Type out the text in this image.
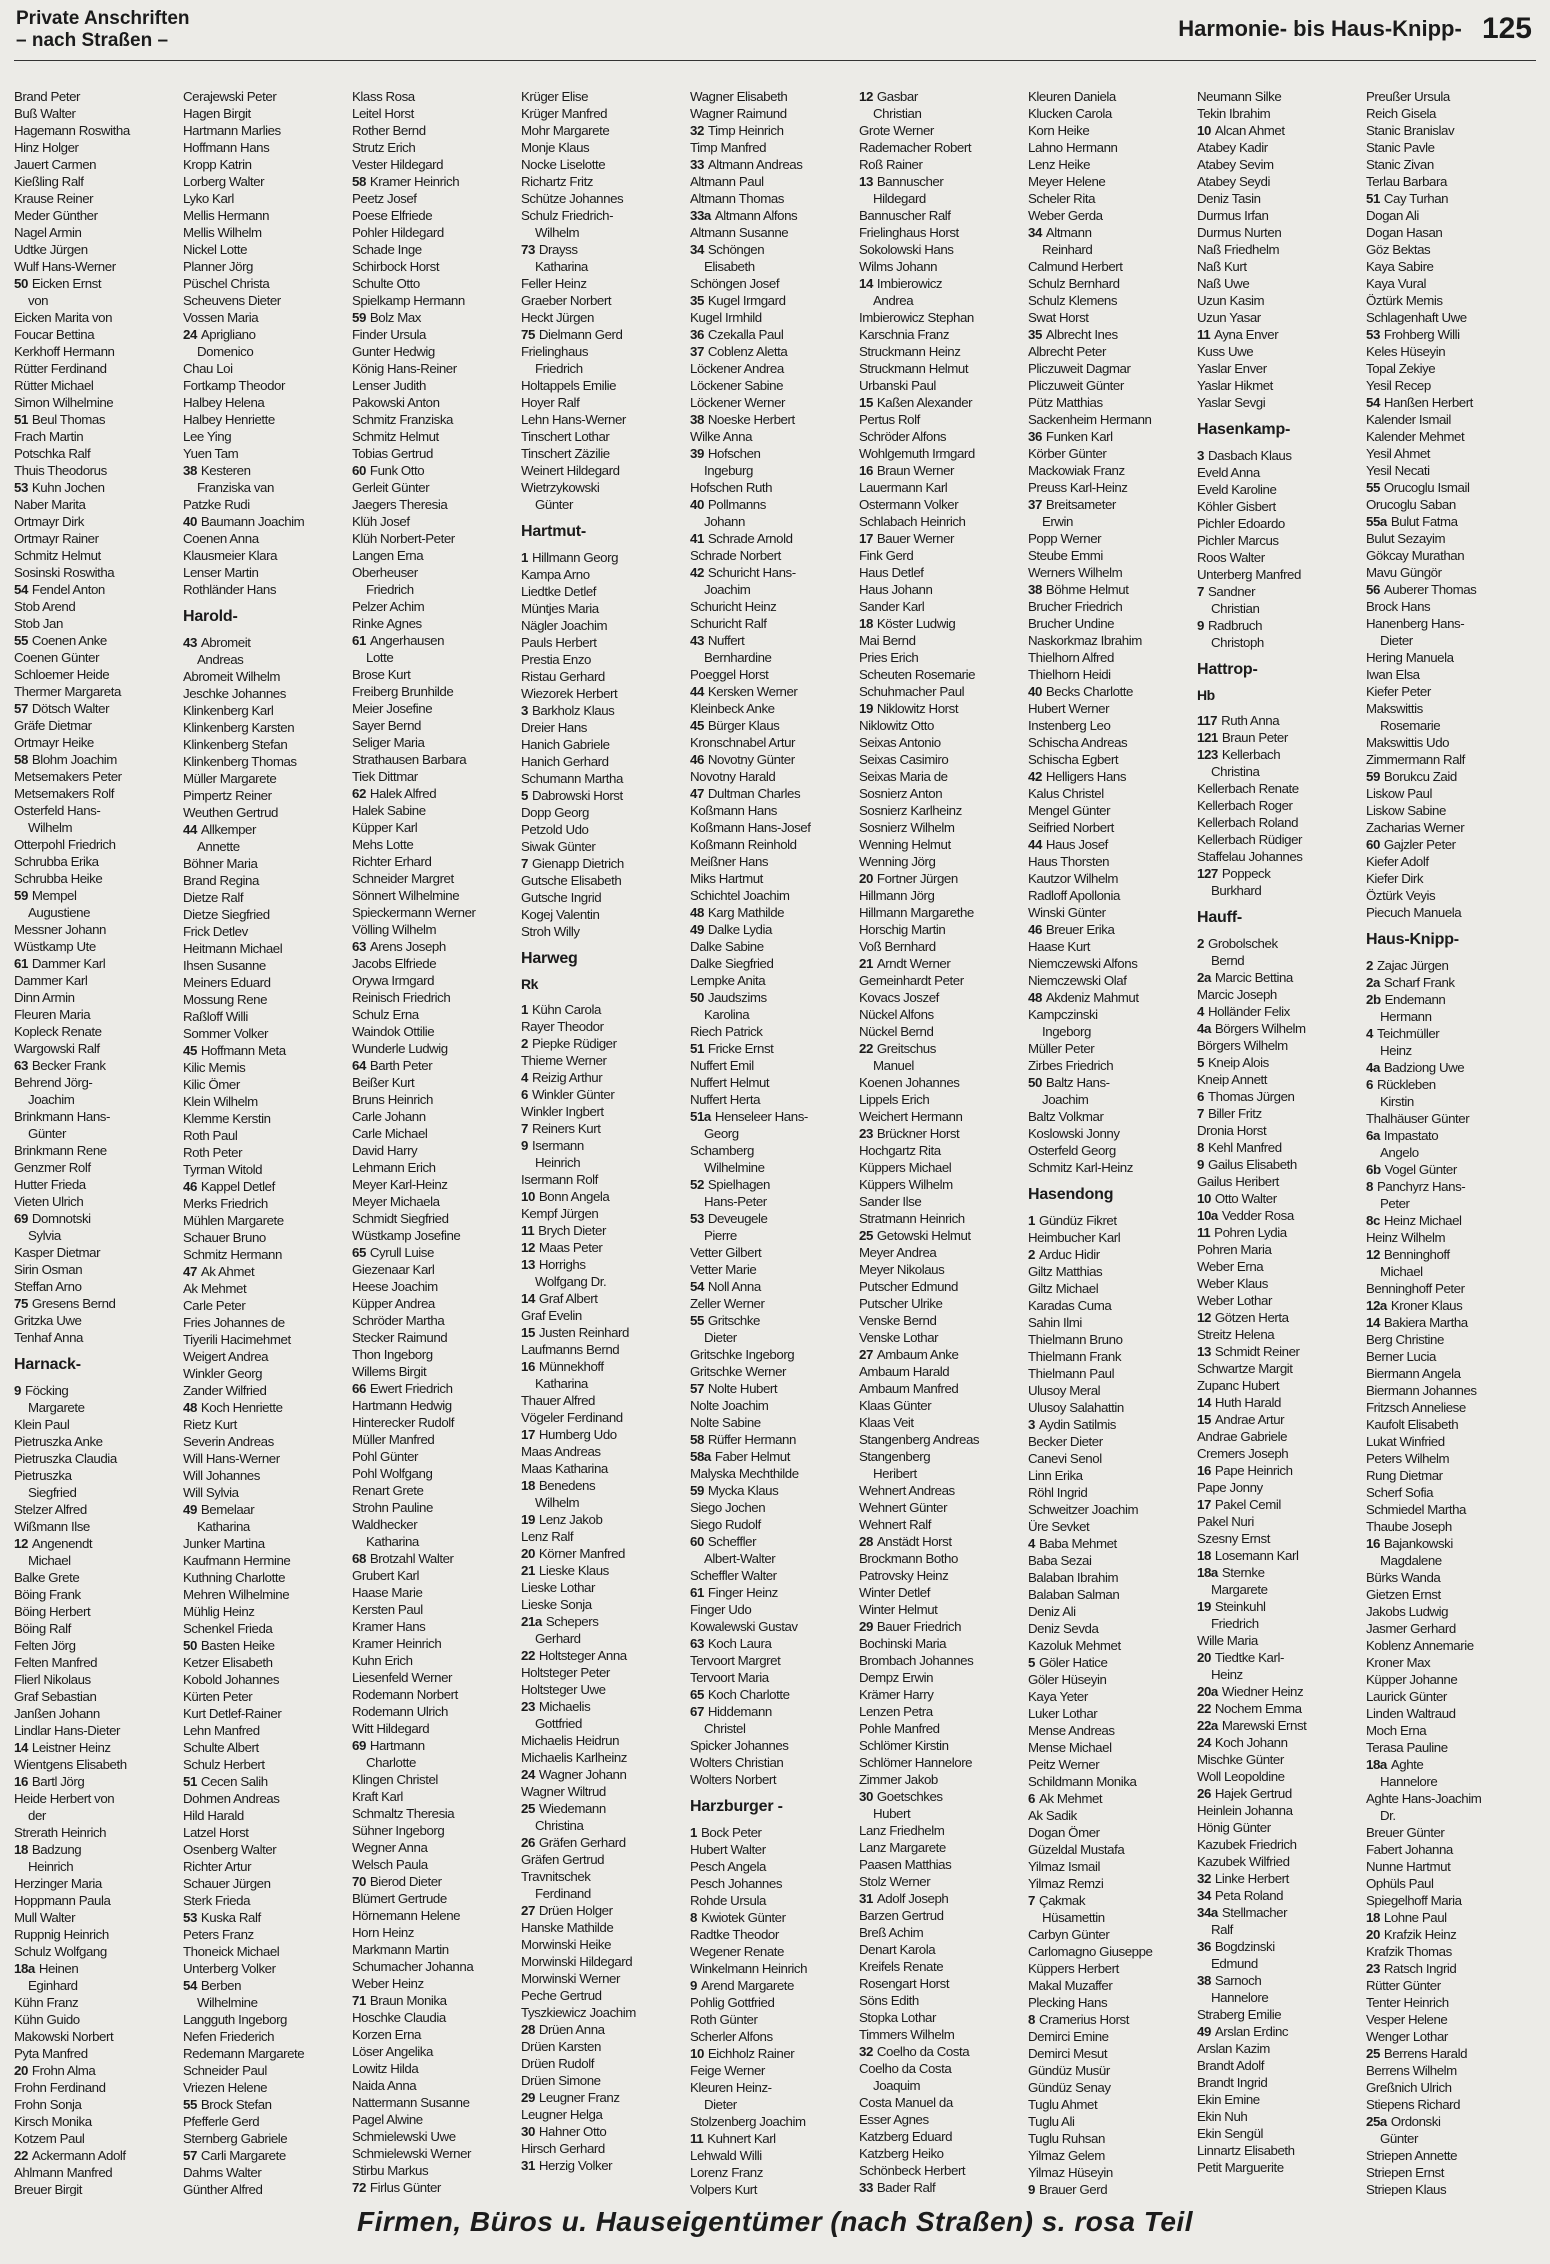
Private Anschriften
– nach Straßen –	Harmonie- bis Haus-Knipp- 125
Brand Peter
Buß Walter
Hagemann Roswitha
Hinz Holger
Jauert Carmen
Kießling Ralf
Krause Reiner
Meder Günther
Nagel Armin
Udtke Jürgen
Wulf Hans-Werner
50 Eicken Ernst
von
Eicken Marita von
Foucar Bettina
Kerkhoff Hermann
Rütter Ferdinand
Rütter Michael
Simon Wilhelmine
51 Beul Thomas
Frach Martin
Potschka Ralf
Thuis Theodorus
53 Kuhn Jochen
Naber Marita
Ortmayr Dirk
Ortmayr Rainer
Schmitz Helmut
Sosinski Roswitha
54 Fendel Anton
Stob Arend
Stob Jan
55 Coenen Anke
Coenen Günter
Schloemer Heide
Thermer Margareta
57 Dötsch Walter
Gräfe Dietmar
Ortmayr Heike
58 Blohm Joachim
Metsemakers Peter
Metsemakers Rolf
Osterfeld Hans-
Wilhelm
Otterpohl Friedrich
Schrubba Erika
Schrubba Heike
59 Mempel
Augustiene
Messner Johann
Wüstkamp Ute
61 Dammer Karl
Dammer Karl
Dinn Armin
Fleuren Maria
Kopleck Renate
Wargowski Ralf
63 Becker Frank
Behrend Jörg-
Joachim
Brinkmann Hans-
Günter
Brinkmann Rene
Genzmer Rolf
Hutter Frieda
Vieten Ulrich
69 Domnotski
Sylvia
Kasper Dietmar
Sirin Osman
Steffan Arno
75 Gresens Bernd
Gritzka Uwe
Tenhaf Anna
Harnack-
9 Föcking
Margarete
Klein Paul
Pietruszka Anke
Pietruszka Claudia
Pietruszka
Siegfried
Stelzer Alfred
Wißmann Ilse
12 Angenendt
Michael
Balke Grete
Böing Frank
Böing Herbert
Böing Ralf
Felten Jörg
Felten Manfred
Flierl Nikolaus
Graf Sebastian
Janßen Johann
Lindlar Hans-Dieter
14 Leistner Heinz
Wientgens Elisabeth
16 Bartl Jörg
Heide Herbert von
der
Strerath Heinrich
18 Badzung
Heinrich
Herzinger Maria
Hoppmann Paula
Mull Walter
Ruppnig Heinrich
Schulz Wolfgang
18a Heinen
Eginhard
Kühn Franz
Kühn Guido
Makowski Norbert
Pyta Manfred
20 Frohn Alma
Frohn Ferdinand
Frohn Sonja
Kirsch Monika
Kotzem Paul
22 Ackermann Adolf
Ahlmann Manfred
Breuer Birgit
Cerajewski Peter
Hagen Birgit
Hartmann Marlies
Hoffmann Hans
Kropp Katrin
Lorberg Walter
Lyko Karl
Mellis Hermann
Mellis Wilhelm
Nickel Lotte
Planner Jörg
Püschel Christa
Scheuvens Dieter
Vossen Maria
24 Aprigliano
Domenico
Chau Loi
Fortkamp Theodor
Halbey Helena
Halbey Henriette
Lee Ying
Yuen Tam
38 Kesteren
Franziska van
Patzke Rudi
40 Baumann Joachim
Coenen Anna
Klausmeier Klara
Lenser Martin
Rothländer Hans
Harold-
43 Abromeit
Andreas
Abromeit Wilhelm
Jeschke Johannes
Klinkenberg Karl
Klinkenberg Karsten
Klinkenberg Stefan
Klinkenberg Thomas
Müller Margarete
Pimpertz Reiner
Weuthen Gertrud
44 Allkemper
Annette
Böhner Maria
Brand Regina
Dietze Ralf
Dietze Siegfried
Frick Detlev
Heitmann Michael
Ihsen Susanne
Meiners Eduard
Mossung Rene
Raßloff Willi
Sommer Volker
45 Hoffmann Meta
Kilic Memis
Kilic Ömer
Klein Wilhelm
Klemme Kerstin
Roth Paul
Roth Peter
Tyrman Witold
46 Kappel Detlef
Merks Friedrich
Mühlen Margarete
Schauer Bruno
Schmitz Hermann
47 Ak Ahmet
Ak Mehmet
Carle Peter
Fries Johannes de
Tiyerili Hacimehmet
Weigert Andrea
Winkler Georg
Zander Wilfried
48 Koch Henriette
Rietz Kurt
Severin Andreas
Will Hans-Werner
Will Johannes
Will Sylvia
49 Bemelaar
Katharina
Junker Martina
Kaufmann Hermine
Kuthning Charlotte
Mehren Wilhelmine
Mühlig Heinz
Schenkel Frieda
50 Basten Heike
Ketzer Elisabeth
Kobold Johannes
Kürten Peter
Kurt Detlef-Rainer
Lehn Manfred
Schulte Albert
Schulz Herbert
51 Cecen Salih
Dohmen Andreas
Hild Harald
Latzel Horst
Osenberg Walter
Richter Artur
Schauer Jürgen
Sterk Frieda
53 Kuska Ralf
Peters Franz
Thoneick Michael
Unterberg Volker
54 Berben
Wilhelmine
Langguth Ingeborg
Nefen Friederich
Redemann Margarete
Schneider Paul
Vriezen Helene
55 Brock Stefan
Pfefferle Gerd
Sternberg Gabriele
57 Carli Margarete
Dahms Walter
Günther Alfred
Klass Rosa
Leitel Horst
Rother Bernd
Strutz Erich
Vester Hildegard
58 Kramer Heinrich
Peetz Josef
Poese Elfriede
Pohler Hildegard
Schade Inge
Schirbock Horst
Schulte Otto
Spielkamp Hermann
59 Bolz Max
Finder Ursula
Gunter Hedwig
König Hans-Reiner
Lenser Judith
Pakowski Anton
Schmitz Franziska
Schmitz Helmut
Tobias Gertrud
60 Funk Otto
Gerleit Günter
Jaegers Theresia
Klüh Josef
Klüh Norbert-Peter
Langen Erna
Oberheuser
Friedrich
Pelzer Achim
Rinke Agnes
61 Angerhausen
Lotte
Brose Kurt
Freiberg Brunhilde
Meier Josefine
Sayer Bernd
Seliger Maria
Strathausen Barbara
Tiek Dittmar
62 Halek Alfred
Halek Sabine
Küpper Karl
Mehs Lotte
Richter Erhard
Schneider Margret
Sönnert Wilhelmine
Spieckermann Werner
Völling Wilhelm
63 Arens Joseph
Jacobs Elfriede
Orywa Irmgard
Reinisch Friedrich
Schulz Erna
Waindok Ottilie
Wunderle Ludwig
64 Barth Peter
Beißer Kurt
Bruns Heinrich
Carle Johann
Carle Michael
David Harry
Lehmann Erich
Meyer Karl-Heinz
Meyer Michaela
Schmidt Siegfried
Wüstkamp Josefine
65 Cyrull Luise
Giezenaar Karl
Heese Joachim
Küpper Andrea
Schröder Martha
Stecker Raimund
Thon Ingeborg
Willems Birgit
66 Ewert Friedrich
Hartmann Hedwig
Hinterecker Rudolf
Müller Manfred
Pohl Günter
Pohl Wolfgang
Renart Grete
Strohn Pauline
Waldhecker
Katharina
68 Brotzahl Walter
Grubert Karl
Haase Marie
Kersten Paul
Kramer Hans
Kramer Heinrich
Kuhn Erich
Liesenfeld Werner
Rodemann Norbert
Rodemann Ulrich
Witt Hildegard
69 Hartmann
Charlotte
Klingen Christel
Kraft Karl
Schmaltz Theresia
Sühner Ingeborg
Wegner Anna
Welsch Paula
70 Bierod Dieter
Blümert Gertrude
Hörnemann Helene
Horn Heinz
Markmann Martin
Schumacher Johanna
Weber Heinz
71 Braun Monika
Hoschke Claudia
Korzen Erna
Löser Angelika
Lowitz Hilda
Naida Anna
Nattermann Susanne
Pagel Alwine
Schmielewski Uwe
Schmielewski Werner
Stirbu Markus
72 Firlus Günter
Krüger Elise
Krüger Manfred
Mohr Margarete
Monje Klaus
Nocke Liselotte
Richartz Fritz
Schütze Johannes
Schulz Friedrich-
Wilhelm
73 Drayss
Katharina
Feller Heinz
Graeber Norbert
Heckt Jürgen
75 Dielmann Gerd
Frielinghaus
Friedrich
Holtappels Emilie
Hoyer Ralf
Lehn Hans-Werner
Tinschert Lothar
Tinschert Zäzilie
Weinert Hildegard
Wietrzykowski
Günter
Hartmut-
1 Hillmann Georg
Kampa Arno
Liedtke Detlef
Müntjes Maria
Nägler Joachim
Pauls Herbert
Prestia Enzo
Ristau Gerhard
Wiezorek Herbert
3 Barkholz Klaus
Dreier Hans
Hanich Gabriele
Hanich Gerhard
Schumann Martha
5 Dabrowski Horst
Dopp Georg
Petzold Udo
Siwak Günter
7 Gienapp Dietrich
Gutsche Elisabeth
Gutsche Ingrid
Kogej Valentin
Stroh Willy
Harweg
Rk
1 Kühn Carola
Rayer Theodor
2 Piepke Rüdiger
Thieme Werner
4 Reizig Arthur
6 Winkler Günter
Winkler Ingbert
7 Reiners Kurt
9 Isermann
Heinrich
Isermann Rolf
10 Bonn Angela
Kempf Jürgen
11 Brych Dieter
12 Maas Peter
13 Horrighs
Wolfgang Dr.
14 Graf Albert
Graf Evelin
15 Justen Reinhard
Laufmanns Bernd
16 Münnekhoff
Katharina
Thauer Alfred
Vögeler Ferdinand
17 Humberg Udo
Maas Andreas
Maas Katharina
18 Benedens
Wilhelm
19 Lenz Jakob
Lenz Ralf
20 Körner Manfred
21 Lieske Klaus
Lieske Lothar
Lieske Sonja
21a Schepers
Gerhard
22 Holtsteger Anna
Holtsteger Peter
Holtsteger Uwe
23 Michaelis
Gottfried
Michaelis Heidrun
Michaelis Karlheinz
24 Wagner Johann
Wagner Wiltrud
25 Wiedemann
Christina
26 Gräfen Gerhard
Gräfen Gertrud
Travnitschek
Ferdinand
27 Drüen Holger
Hanske Mathilde
Morwinski Heike
Morwinski Hildegard
Morwinski Werner
Peche Gertrud
Tyszkiewicz Joachim
28 Drüen Anna
Drüen Karsten
Drüen Rudolf
Drüen Simone
29 Leugner Franz
Leugner Helga
30 Hahner Otto
Hirsch Gerhard
31 Herzig Volker
Wagner Elisabeth
Wagner Raimund
32 Timp Heinrich
Timp Manfred
33 Altmann Andreas
Altmann Paul
Altmann Thomas
33a Altmann Alfons
Altmann Susanne
34 Schöngen
Elisabeth
Schöngen Josef
35 Kugel Irmgard
Kugel Irmhild
36 Czekalla Paul
37 Coblenz Aletta
Löckener Andrea
Löckener Sabine
Löckener Werner
38 Noeske Herbert
Wilke Anna
39 Hofschen
Ingeburg
Hofschen Ruth
40 Pollmanns
Johann
41 Schrade Arnold
Schrade Norbert
42 Schuricht Hans-
Joachim
Schuricht Heinz
Schuricht Ralf
43 Nuffert
Bernhardine
Poeggel Horst
44 Kersken Werner
Kleinbeck Anke
45 Bürger Klaus
Kronschnabel Artur
46 Novotny Günter
Novotny Harald
47 Dultman Charles
Koßmann Hans
Koßmann Hans-Josef
Koßmann Reinhold
Meißner Hans
Miks Hartmut
Schichtel Joachim
48 Karg Mathilde
49 Dalke Lydia
Dalke Sabine
Dalke Siegfried
Lempke Anita
50 Jaudszims
Karolina
Riech Patrick
51 Fricke Ernst
Nuffert Emil
Nuffert Helmut
Nuffert Herta
51a Henseleer Hans-
Georg
Schamberg
Wilhelmine
52 Spielhagen
Hans-Peter
53 Deveugele
Pierre
Vetter Gilbert
Vetter Marie
54 Noll Anna
Zeller Werner
55 Gritschke
Dieter
Gritschke Ingeborg
Gritschke Werner
57 Nolte Hubert
Nolte Joachim
Nolte Sabine
58 Rüffer Hermann
58a Faber Helmut
Malyska Mechthilde
59 Mycka Klaus
Siego Jochen
Siego Rudolf
60 Scheffler
Albert-Walter
Scheffler Walter
61 Finger Heinz
Finger Udo
Kowalewski Gustav
63 Koch Laura
Tervoort Margret
Tervoort Maria
65 Koch Charlotte
67 Hiddemann
Christel
Spicker Johannes
Wolters Christian
Wolters Norbert
Harzburger -
1 Bock Peter
Hubert Walter
Pesch Angela
Pesch Johannes
Rohde Ursula
8 Kwiotek Günter
Radtke Theodor
Wegener Renate
Winkelmann Heinrich
9 Arend Margarete
Pohlig Gottfried
Roth Günter
Scherler Alfons
10 Eichholz Rainer
Feige Werner
Kleuren Heinz-
Dieter
Stolzenberg Joachim
11 Kuhnert Karl
Lehwald Willi
Lorenz Franz
Volpers Kurt
12 Gasbar
Christian
Grote Werner
Rademacher Robert
Roß Rainer
13 Bannuscher
Hildegard
Bannuscher Ralf
Frielinghaus Horst
Sokolowski Hans
Wilms Johann
14 Imbierowicz
Andrea
Imbierowicz Stephan
Karschnia Franz
Struckmann Heinz
Struckmann Helmut
Urbanski Paul
15 Kaßen Alexander
Pertus Rolf
Schröder Alfons
Wohlgemuth Irmgard
16 Braun Werner
Lauermann Karl
Ostermann Volker
Schlabach Heinrich
17 Bauer Werner
Fink Gerd
Haus Detlef
Haus Johann
Sander Karl
18 Köster Ludwig
Mai Bernd
Pries Erich
Scheuten Rosemarie
Schuhmacher Paul
19 Niklowitz Horst
Niklowitz Otto
Seixas Antonio
Seixas Casimiro
Seixas Maria de
Sosnierz Anton
Sosnierz Karlheinz
Sosnierz Wilhelm
Wenning Helmut
Wenning Jörg
20 Fortner Jürgen
Hillmann Jörg
Hillmann Margarethe
Horschig Martin
Voß Bernhard
21 Arndt Werner
Gemeinhardt Peter
Kovacs Joszef
Nückel Alfons
Nückel Bernd
22 Greitschus
Manuel
Koenen Johannes
Lippels Erich
Weichert Hermann
23 Brückner Horst
Hochgartz Rita
Küppers Michael
Küppers Wilhelm
Sander Ilse
Stratmann Heinrich
25 Getowski Helmut
Meyer Andrea
Meyer Nikolaus
Putscher Edmund
Putscher Ulrike
Venske Bernd
Venske Lothar
27 Ambaum Anke
Ambaum Harald
Ambaum Manfred
Klaas Günter
Klaas Veit
Stangenberg Andreas
Stangenberg
Heribert
Wehnert Andreas
Wehnert Günter
Wehnert Ralf
28 Anstädt Horst
Brockmann Botho
Patrovsky Heinz
Winter Detlef
Winter Helmut
29 Bauer Friedrich
Bochinski Maria
Brombach Johannes
Dempz Erwin
Krämer Harry
Lenzen Petra
Pohle Manfred
Schlömer Kirstin
Schlömer Hannelore
Zimmer Jakob
30 Goetschkes
Hubert
Lanz Friedhelm
Lanz Margarete
Paasen Matthias
Stolz Werner
31 Adolf Joseph
Barzen Gertrud
Breß Achim
Denart Karola
Kreifels Renate
Rosengart Horst
Söns Edith
Stopka Lothar
Timmers Wilhelm
32 Coelho da Costa
Coelho da Costa
Joaquim
Costa Manuel da
Esser Agnes
Katzberg Eduard
Katzberg Heiko
Schönbeck Herbert
33 Bader Ralf
Kleuren Daniela
Klucken Carola
Korn Heike
Lahno Hermann
Lenz Heike
Meyer Helene
Scheler Rita
Weber Gerda
34 Altmann
Reinhard
Calmund Herbert
Schulz Bernhard
Schulz Klemens
Swat Horst
35 Albrecht Ines
Albrecht Peter
Pliczuweit Dagmar
Pliczuweit Günter
Pütz Matthias
Sackenheim Hermann
36 Funken Karl
Körber Günter
Mackowiak Franz
Preuss Karl-Heinz
37 Breitsameter
Erwin
Popp Werner
Steube Emmi
Werners Wilhelm
38 Böhme Helmut
Brucher Friedrich
Brucher Undine
Naskorkmaz Ibrahim
Thielhorn Alfred
Thielhorn Heidi
40 Becks Charlotte
Hubert Werner
Instenberg Leo
Schischa Andreas
Schischa Egbert
42 Helligers Hans
Kalus Christel
Mengel Günter
Seifried Norbert
44 Haus Josef
Haus Thorsten
Kautzor Wilhelm
Radloff Apollonia
Winski Günter
46 Breuer Erika
Haase Kurt
Niemczewski Alfons
Niemczewski Olaf
48 Akdeniz Mahmut
Kampczinski
Ingeborg
Müller Peter
Zirbes Friedrich
50 Baltz Hans-
Joachim
Baltz Volkmar
Koslowski Jonny
Osterfeld Georg
Schmitz Karl-Heinz
Hasendong
1 Gündüz Fikret
Heimbucher Karl
2 Arduc Hidir
Giltz Matthias
Giltz Michael
Karadas Cuma
Sahin Ilmi
Thielmann Bruno
Thielmann Frank
Thielmann Paul
Ulusoy Meral
Ulusoy Salahattin
3 Aydin Satilmis
Becker Dieter
Canevi Senol
Linn Erika
Röhl Ingrid
Schweitzer Joachim
Üre Sevket
4 Baba Mehmet
Baba Sezai
Balaban Ibrahim
Balaban Salman
Deniz Ali
Deniz Sevda
Kazoluk Mehmet
5 Göler Hatice
Göler Hüseyin
Kaya Yeter
Luker Lothar
Mense Andreas
Mense Michael
Peitz Werner
Schildmann Monika
6 Ak Mehmet
Ak Sadik
Dogan Ömer
Güzeldal Mustafa
Yilmaz Ismail
Yilmaz Remzi
7 Çakmak
Hüsamettin
Carbyn Günter
Carlomagno Giuseppe
Küppers Herbert
Makal Muzaffer
Plecking Hans
8 Cramerius Horst
Demirci Emine
Demirci Mesut
Gündüz Musür
Gündüz Senay
Tuglu Ahmet
Tuglu Ali
Tuglu Ruhsan
Yilmaz Gelem
Yilmaz Hüseyin
9 Brauer Gerd
Neumann Silke
Tekin Ibrahim
10 Alcan Ahmet
Atabey Kadir
Atabey Sevim
Atabey Seydi
Deniz Tasin
Durmus Irfan
Durmus Nurten
Naß Friedhelm
Naß Kurt
Naß Uwe
Uzun Kasim
Uzun Yasar
11 Ayna Enver
Kuss Uwe
Yaslar Enver
Yaslar Hikmet
Yaslar Sevgi
Hasenkamp-
3 Dasbach Klaus
Eveld Anna
Eveld Karoline
Köhler Gisbert
Pichler Edoardo
Pichler Marcus
Roos Walter
Unterberg Manfred
7 Sandner
Christian
9 Radbruch
Christoph
Hattrop-
Hb
117 Ruth Anna
121 Braun Peter
123 Kellerbach
Christina
Kellerbach Renate
Kellerbach Roger
Kellerbach Roland
Kellerbach Rüdiger
Staffelau Johannes
127 Poppeck
Burkhard
Hauff-
2 Grobolschek
Bernd
2a Marcic Bettina
Marcic Joseph
4 Holländer Felix
4a Börgers Wilhelm
Börgers Wilhelm
5 Kneip Alois
Kneip Annett
6 Thomas Jürgen
7 Biller Fritz
Dronia Horst
8 Kehl Manfred
9 Gailus Elisabeth
Gailus Heribert
10 Otto Walter
10a Vedder Rosa
11 Pohren Lydia
Pohren Maria
Weber Erna
Weber Klaus
Weber Lothar
12 Götzen Herta
Streitz Helena
13 Schmidt Reiner
Schwartze Margit
Zupanc Hubert
14 Huth Harald
15 Andrae Artur
Andrae Gabriele
Cremers Joseph
16 Pape Heinrich
Pape Jonny
17 Pakel Cemil
Pakel Nuri
Szesny Ernst
18 Losemann Karl
18a Sternke
Margarete
19 Steinkuhl
Friedrich
Wille Maria
20 Tiedtke Karl-
Heinz
20a Wiedner Heinz
22 Nochem Emma
22a Marewski Ernst
24 Koch Johann
Mischke Günter
Woll Leopoldine
26 Hajek Gertrud
Heinlein Johanna
Hönig Günter
Kazubek Friedrich
Kazubek Wilfried
32 Linke Herbert
34 Peta Roland
34a Stellmacher
Ralf
36 Bogdzinski
Edmund
38 Sarnoch
Hannelore
Straberg Emilie
49 Arslan Erdinc
Arslan Kazim
Brandt Adolf
Brandt Ingrid
Ekin Emine
Ekin Nuh
Ekin Sengül
Linnartz Elisabeth
Petit Marguerite
Preußer Ursula
Reich Gisela
Stanic Branislav
Stanic Pavle
Stanic Zivan
Terlau Barbara
51 Cay Turhan
Dogan Ali
Dogan Hasan
Göz Bektas
Kaya Sabire
Kaya Vural
Öztürk Memis
Schlagenhaft Uwe
53 Frohberg Willi
Keles Hüseyin
Topal Zekiye
Yesil Recep
54 Hanßen Herbert
Kalender Ismail
Kalender Mehmet
Yesil Ahmet
Yesil Necati
55 Orucoglu Ismail
Orucoglu Saban
55a Bulut Fatma
Bulut Sezayim
Gökcay Murathan
Mavu Güngör
56 Auberer Thomas
Brock Hans
Hanenberg Hans-
Dieter
Hering Manuela
Iwan Elsa
Kiefer Peter
Makswittis
Rosemarie
Makswittis Udo
Zimmermann Ralf
59 Borukcu Zaid
Liskow Paul
Liskow Sabine
Zacharias Werner
60 Gajzler Peter
Kiefer Adolf
Kiefer Dirk
Öztürk Veyis
Piecuch Manuela
Haus-Knipp-
2 Zajac Jürgen
2a Scharf Frank
2b Endemann
Hermann
4 Teichmüller
Heinz
4a Badziong Uwe
6 Rückleben
Kirstin
Thalhäuser Günter
6a Impastato
Angelo
6b Vogel Günter
8 Panchyrz Hans-
Peter
8c Heinz Michael
Heinz Wilhelm
12 Benninghoff
Michael
Benninghoff Peter
12a Kroner Klaus
14 Bakiera Martha
Berg Christine
Berner Lucia
Biermann Angela
Biermann Johannes
Fritzsch Anneliese
Kaufolt Elisabeth
Lukat Winfried
Peters Wilhelm
Rung Dietmar
Scherf Sofia
Schmiedel Martha
Thaube Joseph
16 Bajankowski
Magdalene
Bürks Wanda
Gietzen Ernst
Jakobs Ludwig
Jasmer Gerhard
Koblenz Annemarie
Kroner Max
Küpper Johanne
Laurick Günter
Linden Waltraud
Moch Erna
Terasa Pauline
18a Aghte
Hannelore
Aghte Hans-Joachim
Dr.
Breuer Günter
Fabert Johanna
Nunne Hartmut
Ophüls Paul
Spiegelhoff Maria
18 Lohne Paul
20 Krafzik Heinz
Krafzik Thomas
23 Ratsch Ingrid
Rütter Günter
Tenter Heinrich
Vesper Helene
Wenger Lothar
25 Berrens Harald
Berrens Wilhelm
Greßnich Ulrich
Stiepens Richard
25a Ordonski
Günter
Striepen Annette
Striepen Ernst
Striepen Klaus
Firmen, Büros u. Hauseigentümer (nach Straßen) s. rosa Teil
